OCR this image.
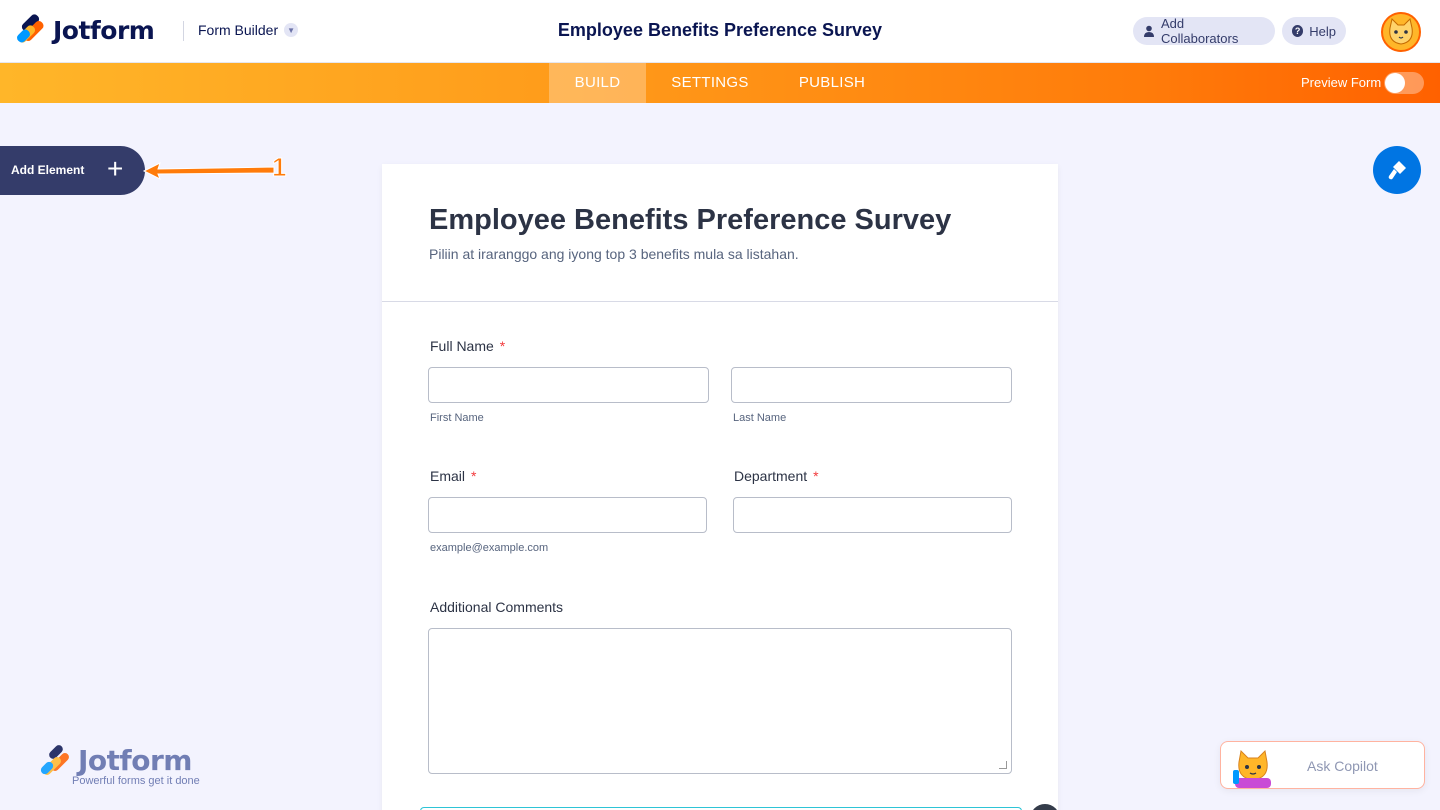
Jotform	Form Builder	▼	Employee Benefits Preference Survey	Add Collaborators	? Help
BUILD	SETTINGS	PUBLISH	Preview Form
Add Element +	1
Employee Benefits Preference Survey
Piliin at iraranggo ang iyong top 3 benefits mula sa listahan.
Full Name *
First Name	Last Name
Email *
example@example.com
Department *
Additional Comments
Jotform
Powerful forms get it done
Ask Copilot
